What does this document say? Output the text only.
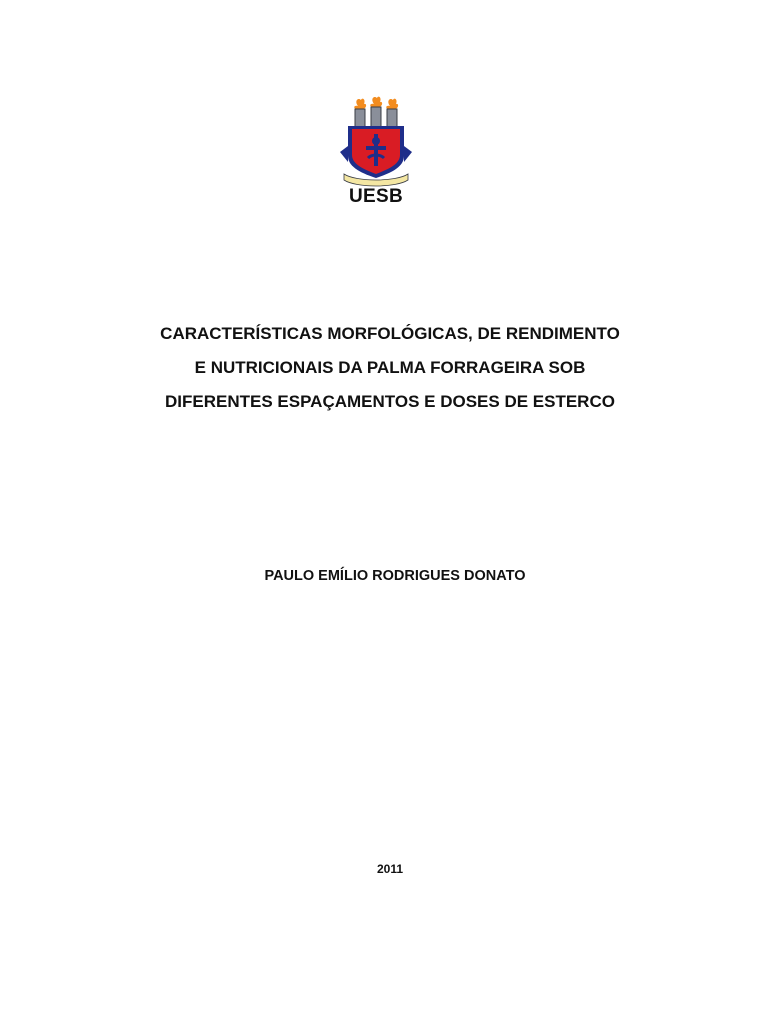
UESB
CARACTERÍSTICAS MORFOLÓGICAS, DE RENDIMENTO
E NUTRICIONAIS DA PALMA FORRAGEIRA SOB
DIFERENTES ESPAÇAMENTOS E DOSES DE ESTERCO

PAULO EMÍLIO RODRIGUES DONATO

2011
